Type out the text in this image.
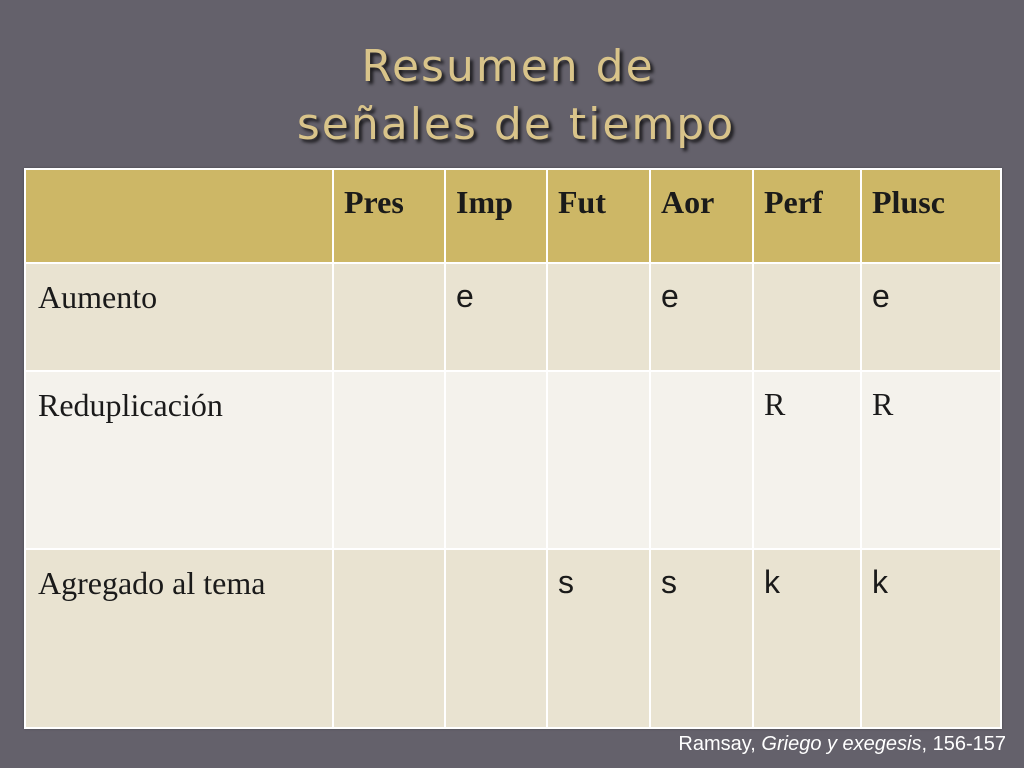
Resumen de
señales de tiempo
	Pres	Imp	Fut	Aor	Perf	Plusc
Aumento		e		e		e
Reduplicación					R	R
Agregado al tema			s	s	k	k
Ramsay, Griego y exegesis, 156-157
